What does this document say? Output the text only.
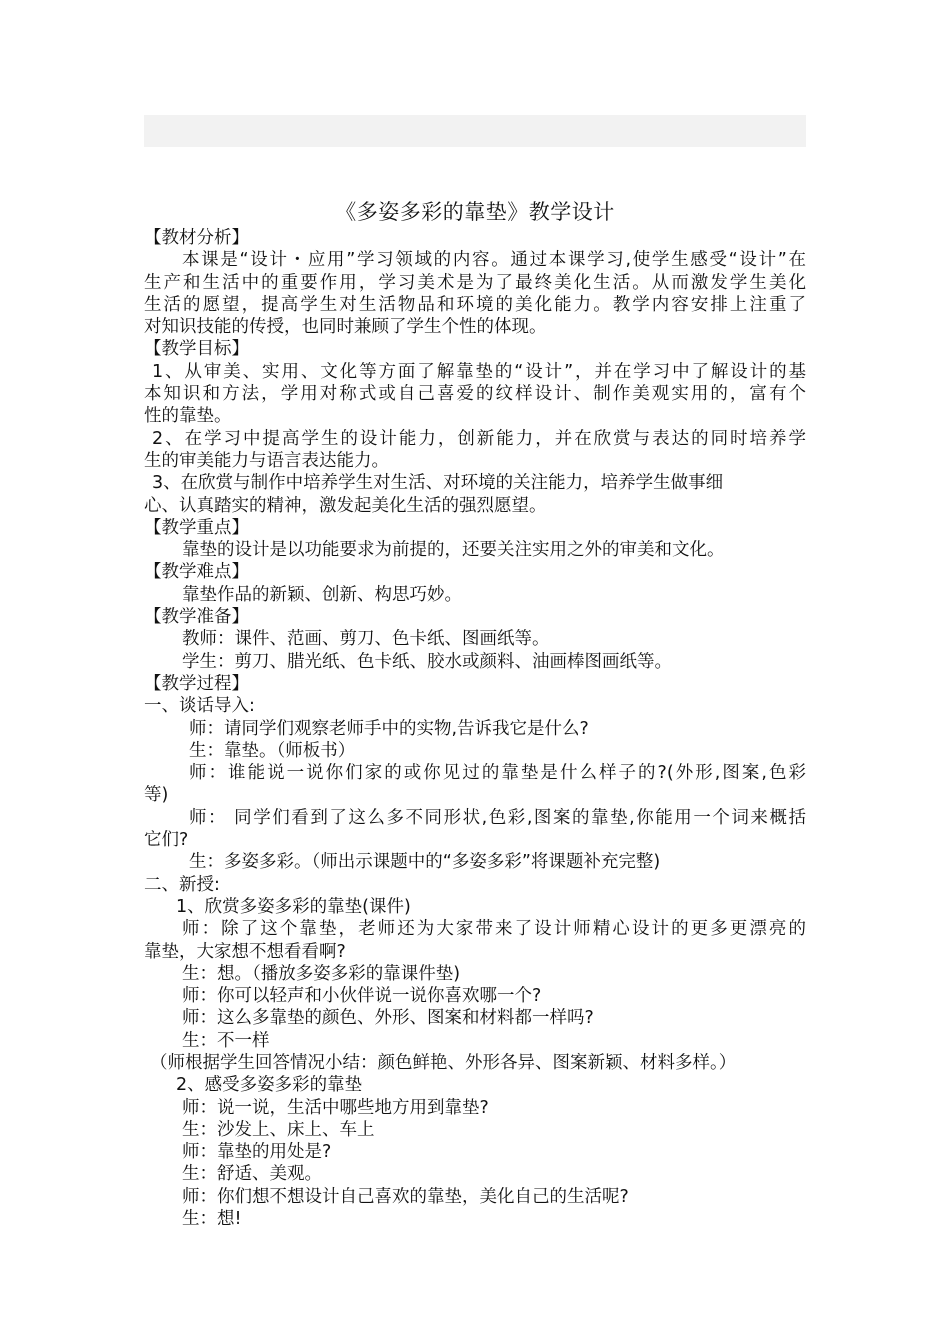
《多姿多彩的靠垫》教学设计
【教材分析】
本课是“设计・应用”学习领域的内容。通过本课学习,使学生感受“设计”在
生产和生活中的重要作用，学习美术是为了最终美化生活。从而激发学生美化
生活的愿望，提高学生对生活物品和环境的美化能力。教学内容安排上注重了
对知识技能的传授，也同时兼顾了学生个性的体现。
【教学目标】
1、从审美、实用、文化等方面了解靠垫的“设计”，并在学习中了解设计的基
本知识和方法，学用对称式或自己喜爱的纹样设计、制作美观实用的，富有个
性的靠垫。
2、在学习中提高学生的设计能力，创新能力，并在欣赏与表达的同时培养学
生的审美能力与语言表达能力。
3、在欣赏与制作中培养学生对生活、对环境的关注能力，培养学生做事细
心、认真踏实的精神，激发起美化生活的强烈愿望。
【教学重点】
靠垫的设计是以功能要求为前提的，还要关注实用之外的审美和文化。
【教学难点】
靠垫作品的新颖、创新、构思巧妙。
【教学准备】
教师：课件、范画、剪刀、色卡纸、图画纸等。
学生：剪刀、腊光纸、色卡纸、胶水或颜料、油画棒图画纸等。
【教学过程】
一、谈话导入:
师：请同学们观察老师手中的实物,告诉我它是什么?
生：靠垫。（师板书）
师：谁能说一说你们家的或你见过的靠垫是什么样子的?(外形,图案,色彩
等)
师： 同学们看到了这么多不同形状,色彩,图案的靠垫,你能用一个词来概括
它们?
生：多姿多彩。（师出示课题中的“多姿多彩”将课题补充完整)
二、新授:
1、欣赏多姿多彩的靠垫(课件)
师：除了这个靠垫，老师还为大家带来了设计师精心设计的更多更漂亮的
靠垫，大家想不想看看啊?
生：想。（播放多姿多彩的靠课件垫)
师：你可以轻声和小伙伴说一说你喜欢哪一个?
师：这么多靠垫的颜色、外形、图案和材料都一样吗?
生：不一样
（师根据学生回答情况小结：颜色鲜艳、外形各异、图案新颖、材料多样。）
2、感受多姿多彩的靠垫
师：说一说，生活中哪些地方用到靠垫?
生：沙发上、床上、车上
师：靠垫的用处是?
生：舒适、美观。
师：你们想不想设计自己喜欢的靠垫，美化自己的生活呢?
生：想!
